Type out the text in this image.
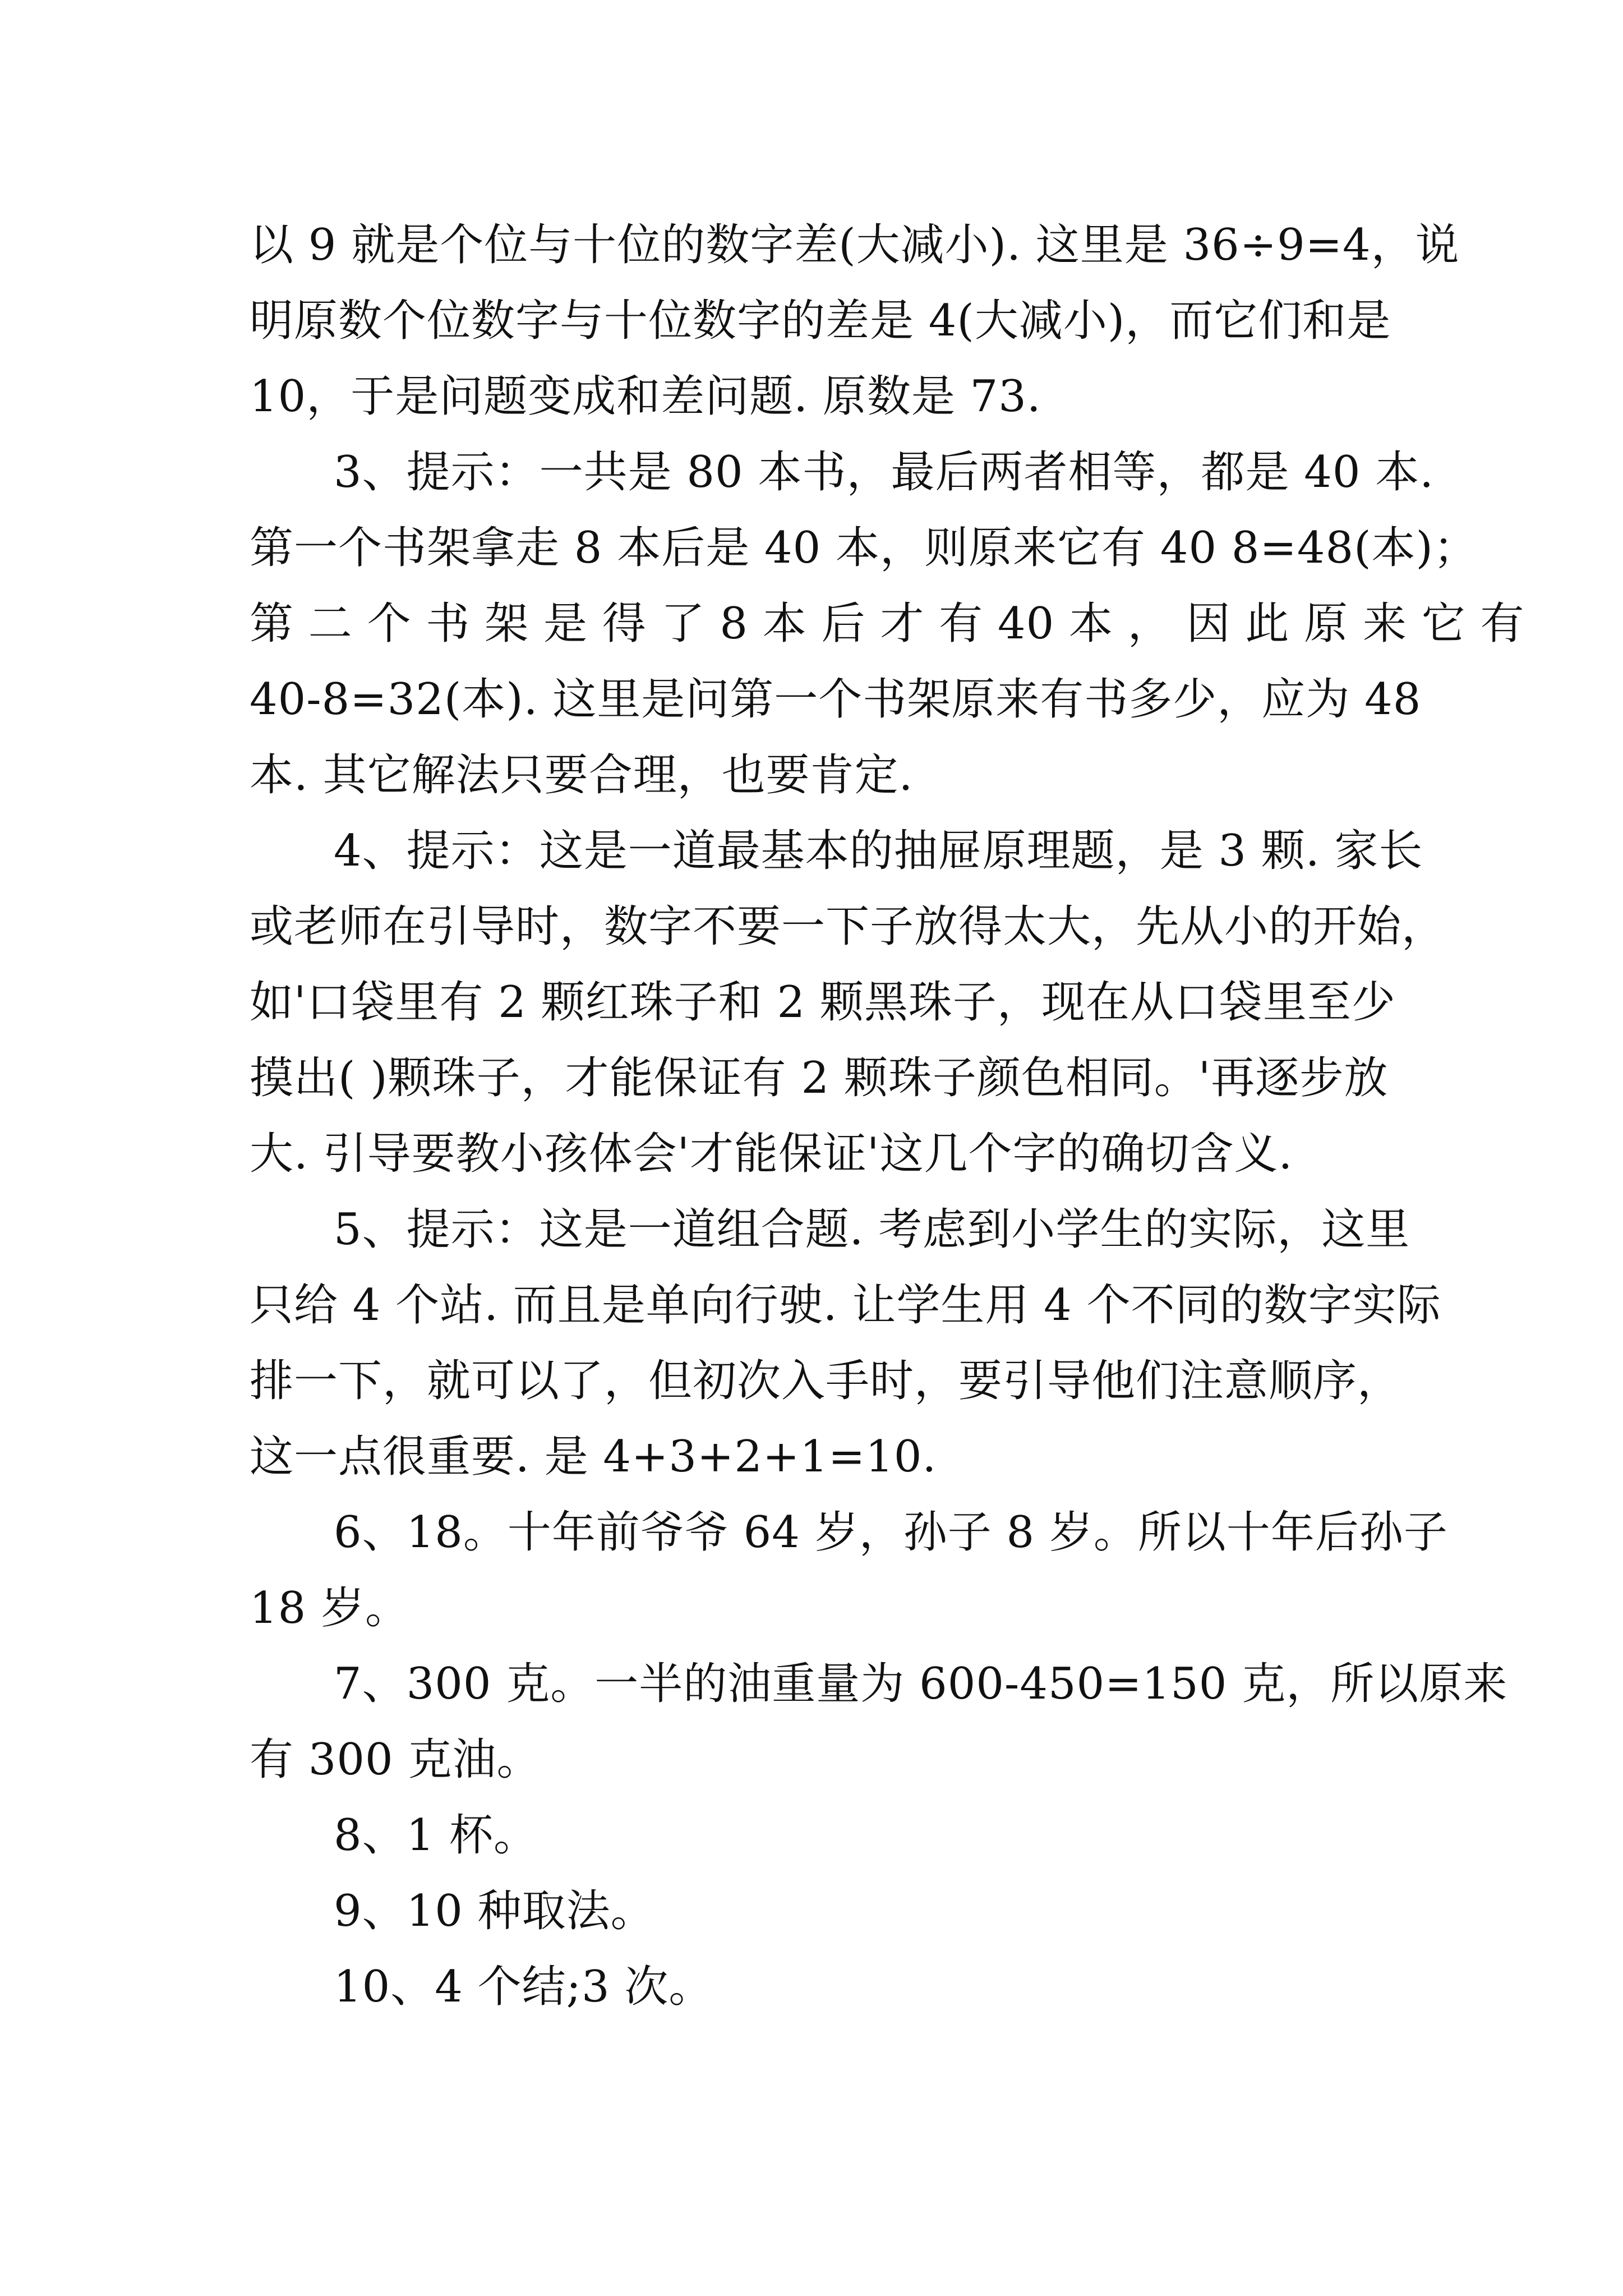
以 9 就是个位与十位的数字差(大减小). 这里是 36÷9=4，说
明原数个位数字与十位数字的差是 4(大减小)，而它们和是
10，于是问题变成和差问题. 原数是 73.
3、提示：一共是 80 本书，最后两者相等，都是 40 本.
第一个书架拿走 8 本后是 40 本，则原来它有 40 8=48(本)；
第 二 个 书 架 是 得 了 8 本 后 才 有 40 本 ， 因 此 原 来 它 有
40-8=32(本). 这里是问第一个书架原来有书多少，应为 48
本. 其它解法只要合理，也要肯定.
4、提示：这是一道最基本的抽屉原理题，是 3 颗. 家长
或老师在引导时，数字不要一下子放得太大，先从小的开始，
如'口袋里有 2 颗红珠子和 2 颗黑珠子，现在从口袋里至少
摸出( )颗珠子，才能保证有 2 颗珠子颜色相同。'再逐步放
大. 引导要教小孩体会'才能保证'这几个字的确切含义.
5、提示：这是一道组合题. 考虑到小学生的实际，这里
只给 4 个站. 而且是单向行驶. 让学生用 4 个不同的数字实际
排一下，就可以了，但初次入手时，要引导他们注意顺序，
这一点很重要. 是 4+3+2+1=10.
6、18。十年前爷爷 64 岁，孙子 8 岁。所以十年后孙子
18 岁。
7、300 克。一半的油重量为 600-450=150 克，所以原来
有 300 克油。
8、1 杯。
9、10 种取法。
10、4 个结;3 次。
